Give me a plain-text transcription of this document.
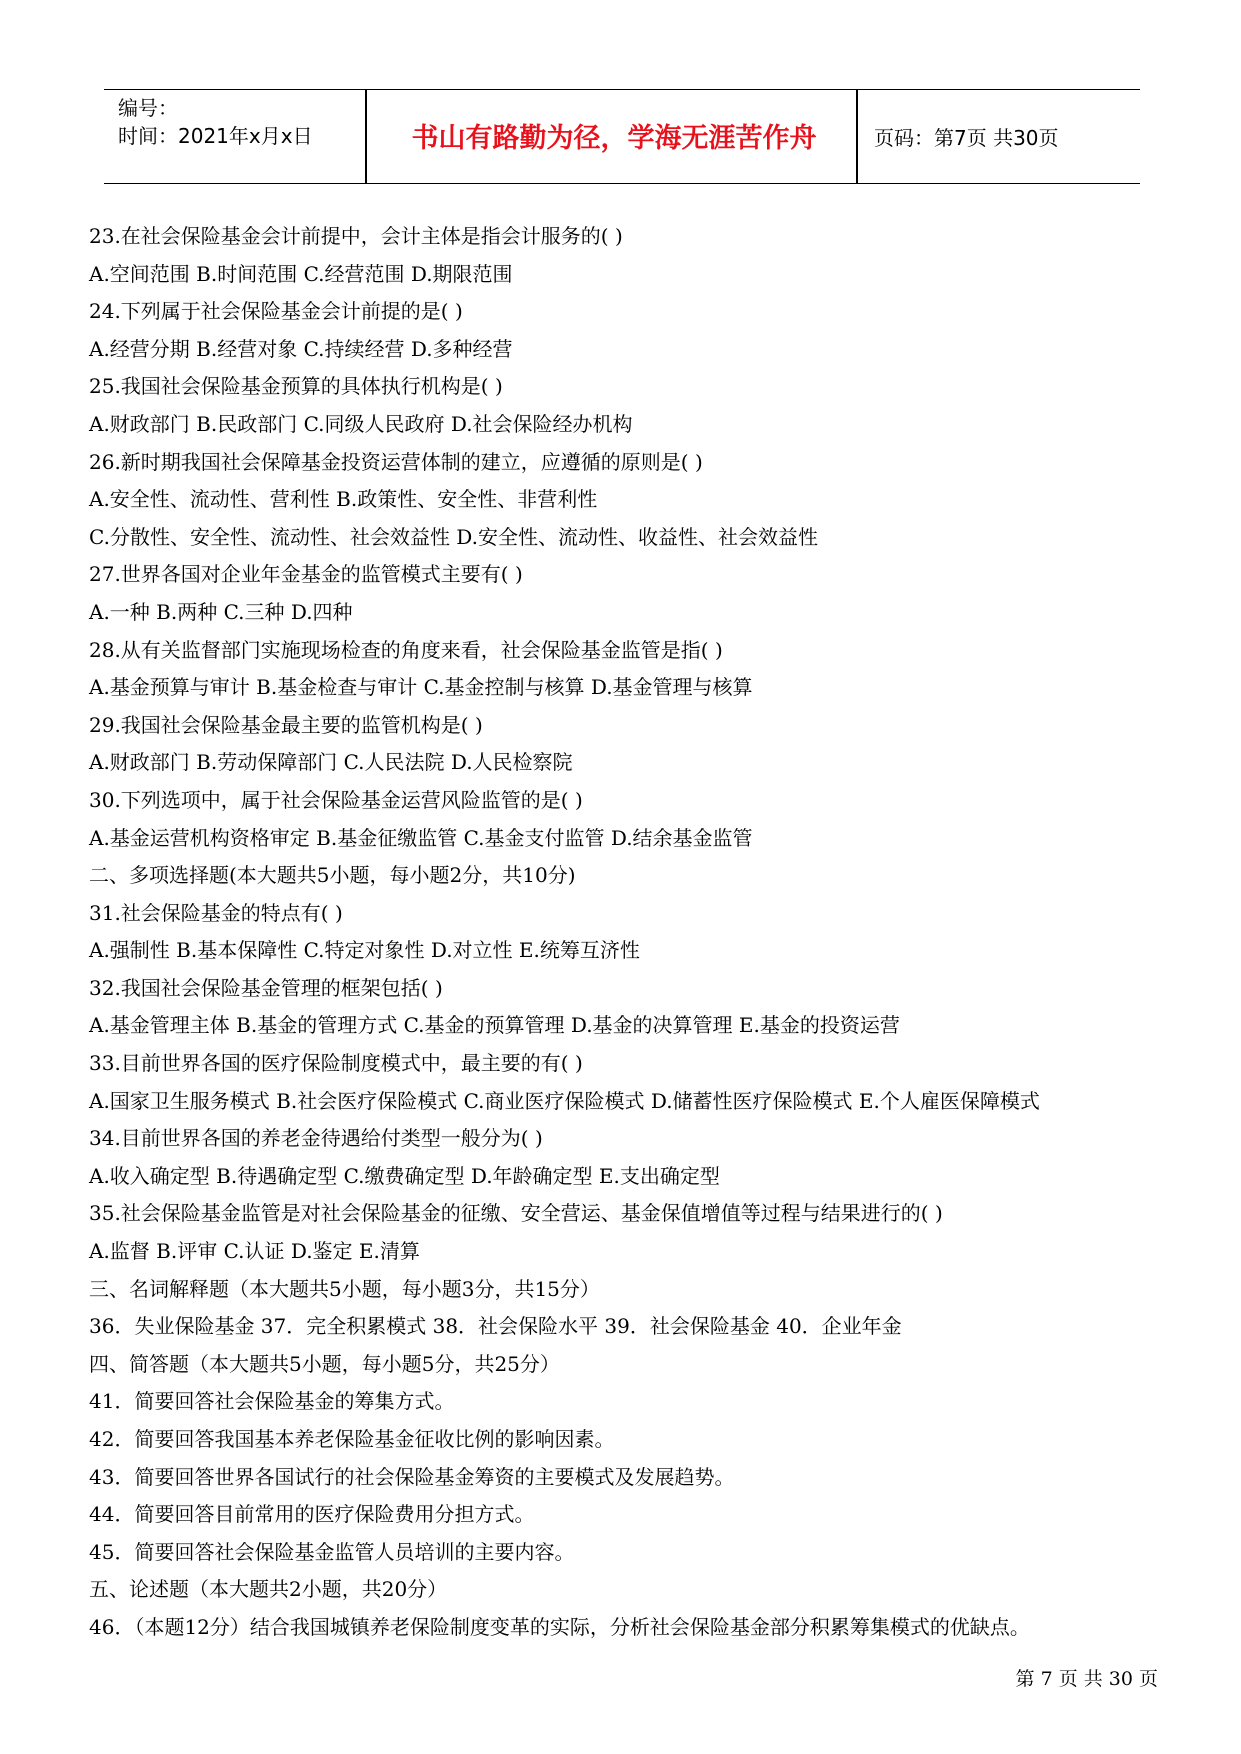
编号：
时间：2021年x月x日	书山有路勤为径，学海无涯苦作舟	页码：第7页 共30页
23.在社会保险基金会计前提中，会计主体是指会计服务的( )
A.空间范围 B.时间范围 C.经营范围 D.期限范围
24.下列属于社会保险基金会计前提的是( )
A.经营分期 B.经营对象 C.持续经营 D.多种经营
25.我国社会保险基金预算的具体执行机构是( )
A.财政部门 B.民政部门 C.同级人民政府 D.社会保险经办机构
26.新时期我国社会保障基金投资运营体制的建立，应遵循的原则是( )
A.安全性、流动性、营利性 B.政策性、安全性、非营利性
C.分散性、安全性、流动性、社会效益性 D.安全性、流动性、收益性、社会效益性
27.世界各国对企业年金基金的监管模式主要有( )
A.一种 B.两种 C.三种 D.四种
28.从有关监督部门实施现场检查的角度来看，社会保险基金监管是指( )
A.基金预算与审计 B.基金检查与审计 C.基金控制与核算 D.基金管理与核算
29.我国社会保险基金最主要的监管机构是( )
A.财政部门 B.劳动保障部门 C.人民法院 D.人民检察院
30.下列选项中，属于社会保险基金运营风险监管的是( )
A.基金运营机构资格审定 B.基金征缴监管 C.基金支付监管 D.结余基金监管
二、多项选择题(本大题共5小题，每小题2分，共10分)
31.社会保险基金的特点有( )
A.强制性 B.基本保障性 C.特定对象性 D.对立性 E.统筹互济性
32.我国社会保险基金管理的框架包括( )
A.基金管理主体 B.基金的管理方式 C.基金的预算管理 D.基金的决算管理 E.基金的投资运营
33.目前世界各国的医疗保险制度模式中，最主要的有( )
A.国家卫生服务模式 B.社会医疗保险模式 C.商业医疗保险模式 D.储蓄性医疗保险模式 E.个人雇医保障模式
34.目前世界各国的养老金待遇给付类型一般分为( )
A.收入确定型 B.待遇确定型 C.缴费确定型 D.年龄确定型 E.支出确定型
35.社会保险基金监管是对社会保险基金的征缴、安全营运、基金保值增值等过程与结果进行的( )
A.监督 B.评审 C.认证 D.鉴定 E.清算
三、名词解释题（本大题共5小题，每小题3分，共15分）
36．失业保险基金 37．完全积累模式 38．社会保险水平 39．社会保险基金 40．企业年金
四、简答题（本大题共5小题，每小题5分，共25分）
41．简要回答社会保险基金的筹集方式。
42．简要回答我国基本养老保险基金征收比例的影响因素。
43．简要回答世界各国试行的社会保险基金筹资的主要模式及发展趋势。
44．简要回答目前常用的医疗保险费用分担方式。
45．简要回答社会保险基金监管人员培训的主要内容。
五、论述题（本大题共2小题，共20分）
46．（本题12分）结合我国城镇养老保险制度变革的实际，分析社会保险基金部分积累筹集模式的优缺点。
第 7 页 共 30 页
